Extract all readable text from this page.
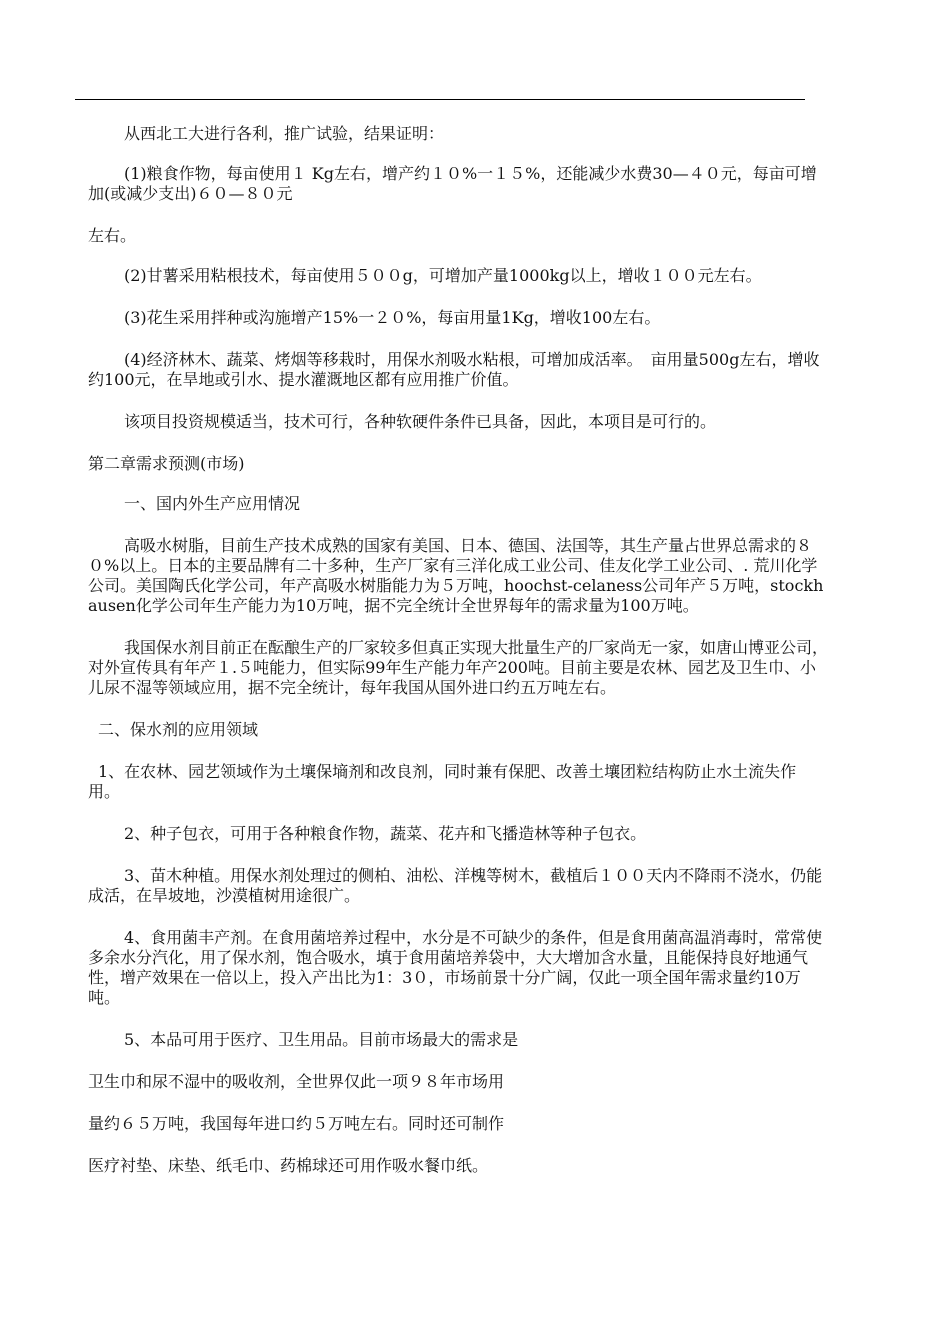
从西北工大进行各利，推广试验，结果证明：

(1)粮食作物，每亩使用１ Kg左右，增产约１０%一１５%，还能减少水费30—４０元，每亩可增加(或减少支出)６０—８０元

左右。

(2)甘薯采用粘根技术，每亩使用５００g，可增加产量1000kg以上，增收１００元左右。

(3)花生采用拌种或沟施增产15%一２０%，每亩用量1Kg，增收100左右。

(4)经济林木、蔬菜、烤烟等移栽时，用保水剂吸水粘根，可增加成活率。　亩用量500g左右，增收约100元，在旱地或引水、提水灌溉地区都有应用推广价值。

该项目投资规模适当，技术可行，各种软硬件条件已具备，因此，本项目是可行的。

第二章需求预测(市场)

一、国内外生产应用情况

高吸水树脂，目前生产技术成熟的国家有美国、日本、德国、法国等，其生产量占世界总需求的８０%以上。日本的主要品牌有二十多种，生产厂家有三洋化成工业公司、佳友化学工业公司、. 荒川化学公司。美国陶氏化学公司，年产高吸水树脂能力为５万吨，hoochst-celaness公司年产５万吨，stockhausen化学公司年生产能力为10万吨，据不完全统计全世界每年的需求量为100万吨。

我国保水剂目前正在酝酿生产的厂家较多但真正实现大批量生产的厂家尚无一家，如唐山博亚公司，对外宣传具有年产１.５吨能力，但实际99年生产能力年产200吨。目前主要是农林、园艺及卫生巾、小儿尿不湿等领域应用，据不完全统计，每年我国从国外进口约五万吨左右。

二、保水剂的应用领域

1、在农林、园艺领域作为土壤保墒剂和改良剂，同时兼有保肥、改善土壤团粒结构防止水土流失作用。

2、种子包衣，可用于各种粮食作物，蔬菜、花卉和飞播造林等种子包衣。

3、苗木种植。用保水剂处理过的侧柏、油松、洋槐等树木，截植后１００天内不降雨不浇水，仍能成活，在旱坡地，沙漠植树用途很广。

4、食用菌丰产剂。在食用菌培养过程中，水分是不可缺少的条件，但是食用菌高温消毒时，常常使多余水分汽化，用了保水剂，饱合吸水，填于食用菌培养袋中，大大增加含水量，且能保持良好地通气性，增产效果在一倍以上，投入产出比为1：3０，市场前景十分广阔，仅此一项全国年需求量约10万吨。

5、本品可用于医疗、卫生用品。目前市场最大的需求是

卫生巾和尿不湿中的吸收剂，全世界仅此一项９８年市场用

量约６５万吨，我国每年进口约５万吨左右。同时还可制作

医疗衬垫、床垫、纸毛巾、药棉球还可用作吸水餐巾纸。
